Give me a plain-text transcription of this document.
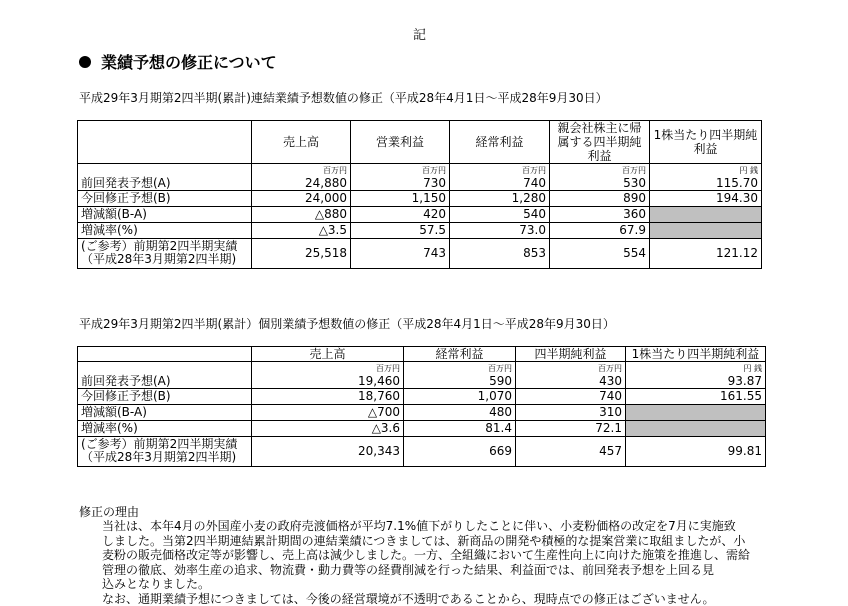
記
業績予想の修正について
平成29年3月期第2四半期(累計)連結業績予想数値の修正（平成28年4月1日～平成28年9月30日）
	売上高	営業利益	経常利益	親会社株主に帰属する四半期純利益	1株当たり四半期純利益
	百万円	百万円	百万円	百万円	円 銭
前回発表予想(A)	24,880	730	740	530	115.70
今回修正予想(B)	24,000	1,150	1,280	890	194.30
増減額(B-A)	△880	420	540	360	
増減率(%)	△3.5	57.5	73.0	67.9	

(ご参考）前期第2四半期実績
（平成28年3月期第2四半期)	25,518	743	853	554	121.12
平成29年3月期第2四半期(累計）個別業績予想数値の修正（平成28年4月1日～平成28年9月30日）
	売上高	経常利益	四半期純利益	1株当たり四半期純利益
	百万円	百万円	百万円	円 銭
前回発表予想(A)	19,460	590	430	93.87
今回修正予想(B)	18,760	1,070	740	161.55
増減額(B-A)	△700	480	310	
増減率(%)	△3.6	81.4	72.1	

(ご参考）前期第2四半期実績
（平成28年3月期第2四半期)	20,343	669	457	99.81
修正の理由

当社は、本年4月の外国産小麦の政府売渡価格が平均7.1%値下がりしたことに伴い、小麦粉価格の改定を7月に実施致

しました。当第2四半期連結累計期間の連結業績につきましては、新商品の開発や積極的な提案営業に取組ましたが、小

麦粉の販売価格改定等が影響し、売上高は減少しました。一方、全組織において生産性向上に向けた施策を推進し、需給

管理の徹底、効率生産の追求、物流費・動力費等の経費削減を行った結果、利益面では、前回発表予想を上回る見

込みとなりました。

なお、通期業績予想につきましては、今後の経営環境が不透明であることから、現時点での修正はございません。
